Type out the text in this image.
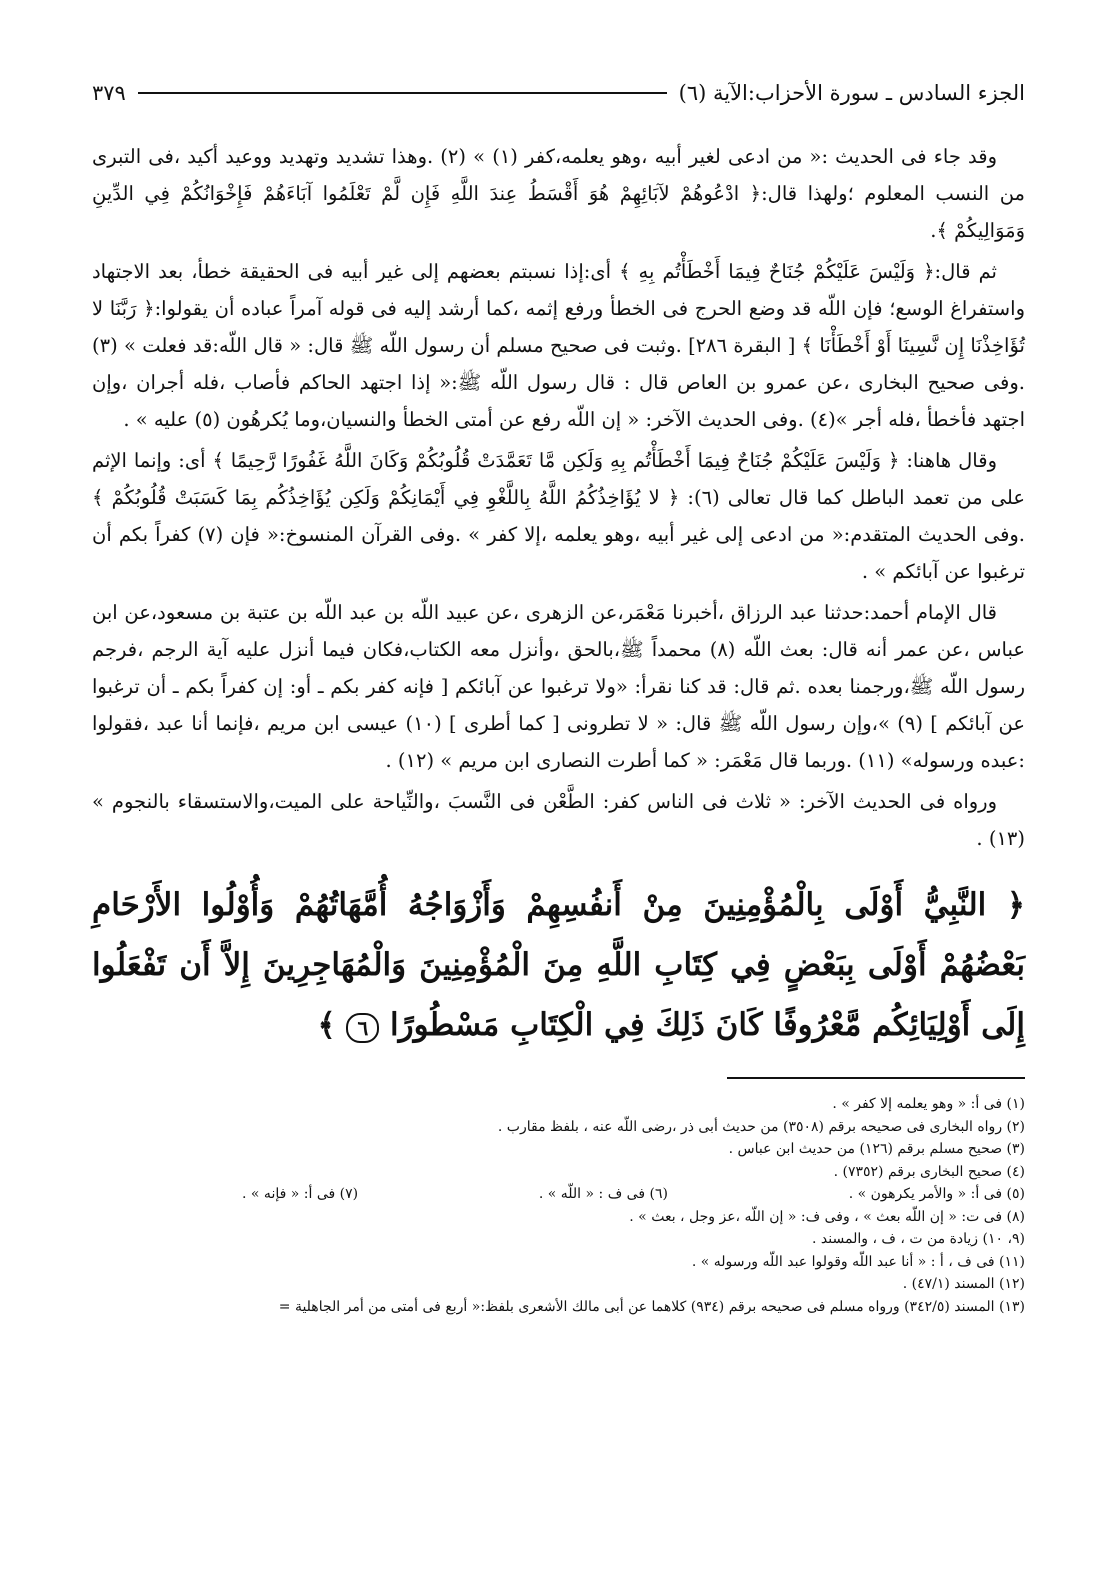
الجزء السادس ـ سورة الأحزاب:الآية (٦)
٣٧٩

وقد جاء فى الحديث :« من ادعى لغير أبيه ،وهو يعلمه،كفر (١) » (٢) .وهذا تشديد وتهديد ووعيد أكيد ،فى التبرى من النسب المعلوم ؛ولهذا قال:﴿ ادْعُوهُمْ لآبَائِهِمْ هُوَ أَقْسَطُ عِندَ اللَّهِ فَإِن لَّمْ تَعْلَمُوا آبَاءَهُمْ فَإِخْوَانُكُمْ فِي الدِّينِ وَمَوَالِيكُمْ ﴾.

ثم قال:﴿ وَلَيْسَ عَلَيْكُمْ جُنَاحٌ فِيمَا أَخْطَأْتُم بِهِ ﴾ أى:إذا نسبتم بعضهم إلى غير أبيه فى الحقيقة خطأ، بعد الاجتهاد واستفراغ الوسع؛ فإن اللّه قد وضع الحرج فى الخطأ ورفع إثمه ،كما أرشد إليه فى قوله آمراً عباده أن يقولوا:﴿ رَبَّنَا لا تُؤَاخِذْنَا إِن نَّسِينَا أَوْ أَخْطَأْنَا ﴾ [ البقرة ٢٨٦] .وثبت فى صحيح مسلم أن رسول اللّه ﷺ قال: « قال اللّه:قد فعلت » (٣) .وفى صحيح البخارى ،عن عمرو بن العاص قال : قال رسول اللّه ﷺ:« إذا اجتهد الحاكم فأصاب ،فله أجران ،وإن اجتهد فأخطأ ،فله أجر »(٤) .وفى الحديث الآخر: « إن اللّه رفع عن أمتى الخطأ والنسيان،وما يُكرهُون (٥) عليه » .

وقال هاهنا: ﴿ وَلَيْسَ عَلَيْكُمْ جُنَاحٌ فِيمَا أَخْطَأْتُم بِهِ وَلَكِن مَّا تَعَمَّدَتْ قُلُوبُكُمْ وَكَانَ اللَّهُ غَفُورًا رَّحِيمًا ﴾ أى: وإنما الإثم على من تعمد الباطل كما قال تعالى (٦): ﴿ لا يُؤَاخِذُكُمُ اللَّهُ بِاللَّغْوِ فِي أَيْمَانِكُمْ وَلَكِن يُؤَاخِذُكُم بِمَا كَسَبَتْ قُلُوبُكُمْ ﴾ .وفى الحديث المتقدم:« من ادعى إلى غير أبيه ،وهو يعلمه ،إلا كفر » .وفى القرآن المنسوخ:« فإن (٧) كفراً بكم أن ترغبوا عن آبائكم » .

قال الإمام أحمد:حدثنا عبد الرزاق ،أخبرنا مَعْمَر،عن الزهرى ،عن عبيد اللّه بن عبد اللّه بن عتبة بن مسعود،عن ابن عباس ،عن عمر أنه قال: بعث اللّه (٨) محمداً ﷺ،بالحق ،وأنزل معه الكتاب،فكان فيما أنزل عليه آية الرجم ،فرجم رسول اللّه ﷺ،ورجمنا بعده .ثم قال: قد كنا نقرأ: «ولا ترغبوا عن آبائكم [ فإنه كفر بكم ـ أو: إن كفراً بكم ـ أن ترغبوا عن آبائكم ] (٩) »،وإن رسول اللّه ﷺ قال: « لا تطرونى [ كما أطرى ] (١٠) عيسى ابن مريم ،فإنما أنا عبد ،فقولوا :عبده ورسوله» (١١) .وربما قال مَعْمَر: « كما أطرت النصارى ابن مريم » (١٢) .

ورواه فى الحديث الآخر: « ثلاث فى الناس كفر: الطَّعْن فى النَّسبَ ،والنِّياحة على الميت،والاستسقاء بالنجوم » (١٣) .

﴿ النَّبِيُّ أَوْلَى بِالْمُؤْمِنِينَ مِنْ أَنفُسِهِمْ وَأَزْوَاجُهُ أُمَّهَاتُهُمْ وَأُوْلُوا الأَرْحَامِ بَعْضُهُمْ أَوْلَى بِبَعْضٍ فِي كِتَابِ اللَّهِ مِنَ الْمُؤْمِنِينَ وَالْمُهَاجِرِينَ إِلاَّ أَن تَفْعَلُوا إِلَى أَوْلِيَائِكُم مَّعْرُوفًا كَانَ ذَلِكَ فِي الْكِتَابِ مَسْطُورًا ٦ ﴾
(١) فى أ: « وهو يعلمه إلا كفر » .
(٢) رواه البخارى فى صحيحه برقم (٣٥٠٨) من حديث أبى ذر ،رضى اللّه عنه ، بلفظ مقارب .
(٣) صحيح مسلم برقم (١٢٦) من حديث ابن عباس .
(٤) صحيح البخارى برقم (٧٣٥٢) .
(٥) فى أ: « والأمر يكرهون » .
(٦) فى ف : « اللّه » .
(٧) فى أ: « فإنه » .
(٨) فى ت: « إن اللّه بعث » ، وفى ف: « إن اللّه ،عز وجل ، بعث » .
(٩، ١٠) زيادة من ت ، ف ، والمسند .
(١١) فى ف ، أ : « أنا عبد اللّه وقولوا عبد اللّه ورسوله » .
(١٢) المسند (٤٧/١) .
(١٣) المسند (٣٤٢/٥) ورواه مسلم فى صحيحه برقم (٩٣٤) كلاهما عن أبى مالك الأشعرى بلفظ:« أربع فى أمتى من أمر الجاهلية =
